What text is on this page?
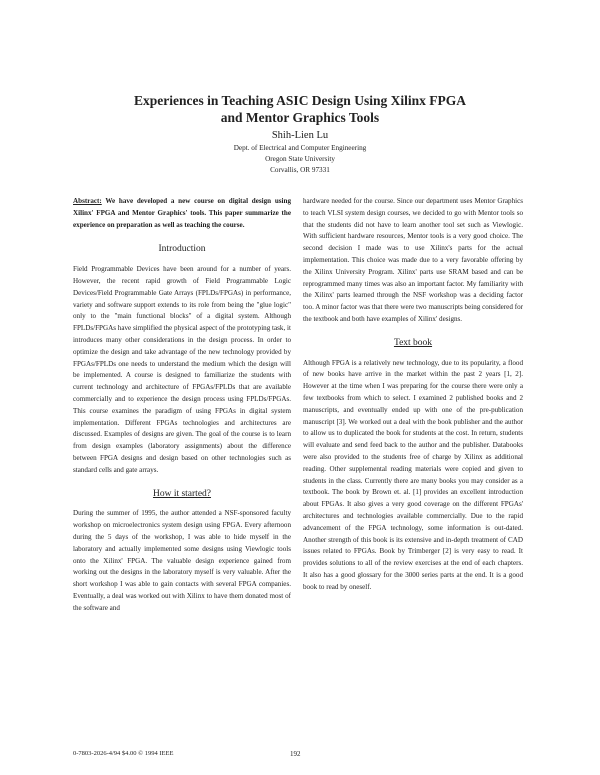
Experiences in Teaching ASIC Design Using Xilinx FPGA
and Mentor Graphics Tools
Shih-Lien Lu
Dept. of Electrical and Computer Engineering
Oregon State University
Corvallis, OR 97331

Abstract: We have developed a new course on digital design using Xilinx' FPGA and Mentor Graphics' tools. This paper summarize the experience on preparation as well as teaching the course.

Introduction

Field Programmable Devices have been around for a number of years. However, the recent rapid growth of Field Programmable Logic Devices/Field Programmable Gate Arrays (FPLDs/FPGAs) in performance, variety and software support extends to its role from being the "glue logic" only to the "main functional blocks" of a digital system. Although FPLDs/FPGAs have simplified the physical aspect of the prototyping task, it introduces many other considerations in the design process. In order to optimize the design and take advantage of the new technology provided by FPGAs/FPLDs one needs to understand the medium which the design will be implemented. A course is designed to familiarize the students with current technology and architecture of FPGAs/FPLDs that are available commercially and to experience the design process using FPLDs/FPGAs. This course examines the paradigm of using FPGAs in digital system implementation. Different FPGAs technologies and architectures are discussed. Examples of designs are given. The goal of the course is to learn from design examples (laboratory assignments) about the difference between FPGA designs and design based on other technologies such as standard cells and gate arrays.

How it started?

During the summer of 1995, the author attended a NSF-sponsored faculty workshop on microelectronics system design using FPGA. Every afternoon during the 5 days of the workshop, I was able to hide myself in the laboratory and actually implemented some designs using Viewlogic tools onto the Xilinx' FPGA. The valuable design experience gained from working out the designs in the laboratory myself is very valuable. After the short workshop I was able to gain contacts with several FPGA companies. Eventually, a deal was worked out with Xilinx to have them donated most of the software and

hardware needed for the course. Since our department uses Mentor Graphics to teach VLSI system design courses, we decided to go with Mentor tools so that the students did not have to learn another tool set such as Viewlogic. With sufficient hardware resources, Mentor tools is a very good choice. The second decision I made was to use Xilinx's parts for the actual implementation. This choice was made due to a very favorable offering by the Xilinx University Program. Xilinx' parts use SRAM based and can be reprogrammed many times was also an important factor. My familiarity with the Xilinx' parts learned through the NSF workshop was a deciding factor too. A minor factor was that there were two manuscripts being considered for the textbook and both have examples of Xilinx' designs.

Text book

Although FPGA is a relatively new technology, due to its popularity, a flood of new books have arrive in the market within the past 2 years [1, 2]. However at the time when I was preparing for the course there were only a few textbooks from which to select. I examined 2 published books and 2 manuscripts, and eventually ended up with one of the pre-publication manuscript [3]. We worked out a deal with the book publisher and the author to allow us to duplicated the book for students at the cost. In return, students will evaluate and send feed back to the author and the publisher. Databooks were also provided to the students free of charge by Xilinx as additional reading. Other supplemental reading materials were copied and given to students in the class. Currently there are many books you may consider as a textbook. The book by Brown et. al. [1] provides an excellent introduction about FPGAs. It also gives a very good coverage on the different FPGAs' architectures and technologies available commercially. Due to the rapid advancement of the FPGA technology, some information is out-dated. Another strength of this book is its extensive and in-depth treatment of CAD issues related to FPGAs. Book by Trimberger [2] is very easy to read. It provides solutions to all of the review exercises at the end of each chapters. It also has a good glossary for the 3000 series parts at the end. It is a good book to read by oneself.

0-7803-2026-4/94 $4.00 © 1994 IEEE	192
